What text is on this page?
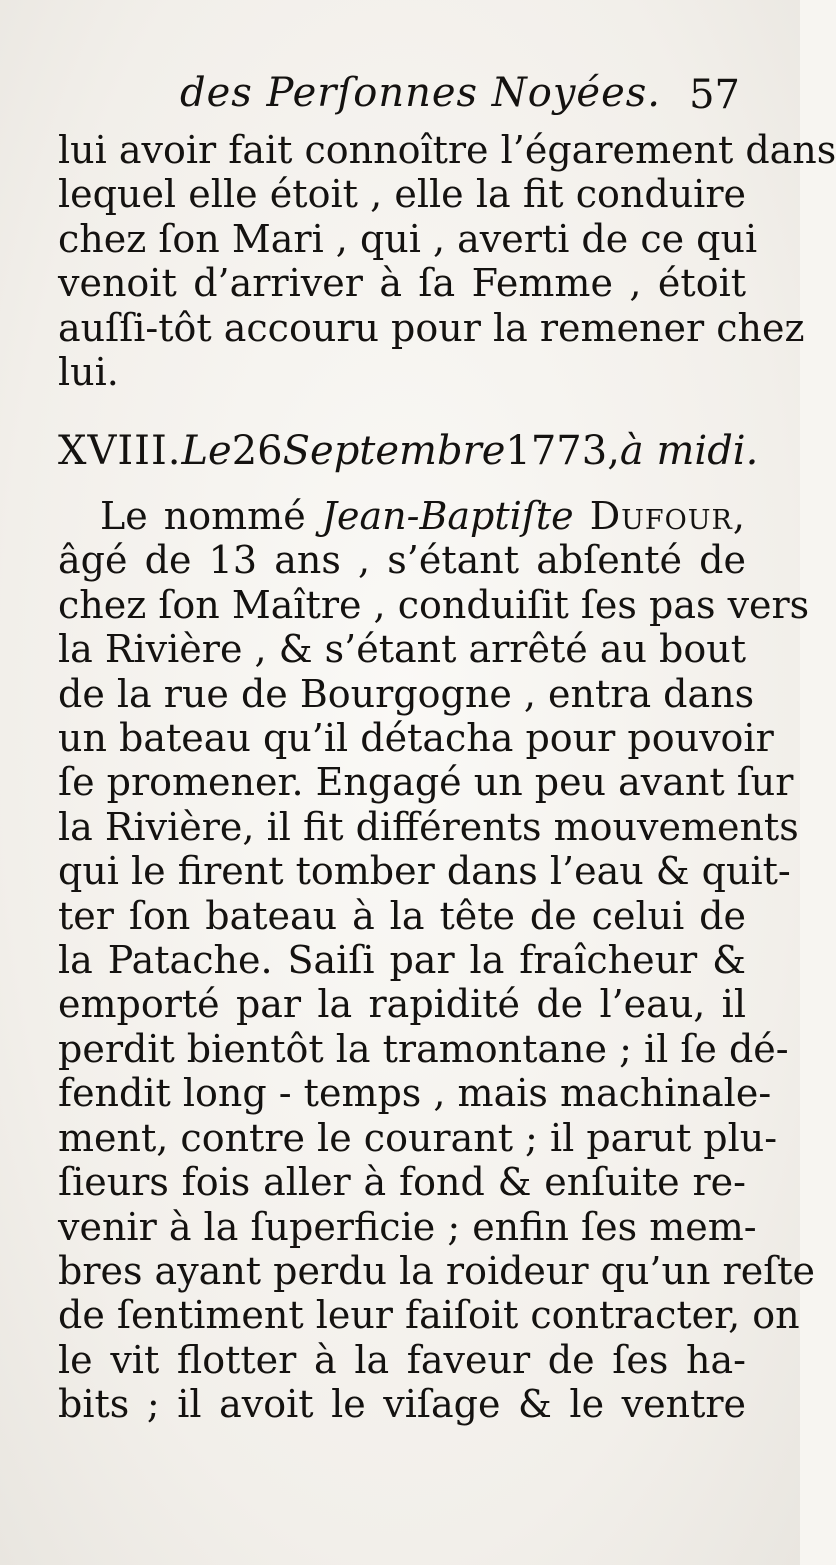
des Perſonnes Noyées. 57
lui avoir fait connoître l’égarement dans
lequel elle étoit , elle la fit conduire
chez ſon Mari , qui , averti de ce qui
venoit d’arriver à ſa Femme , étoit
auſſi-tôt accouru pour la remener chez
lui.
XVIII. Le 26 Septembre 1773, à midi.
Le nommé Jean-Baptiſte Dufour,
âgé de 13 ans , s’étant abſenté de
chez ſon Maître , conduiſit ſes pas vers
la Rivière , & s’étant arrêté au bout
de la rue de Bourgogne , entra dans
un bateau qu’il détacha pour pouvoir
ſe promener. Engagé un peu avant ſur
la Rivière, il fit différents mouvements
qui le firent tomber dans l’eau & quit-
ter ſon bateau à la tête de celui de
la Patache. Saiſi par la fraîcheur &
emporté par la rapidité de l’eau, il
perdit bientôt la tramontane ; il ſe dé-
fendit long - temps , mais machinale-
ment, contre le courant ; il parut plu-
ſieurs fois aller à fond & enſuite re-
venir à la ſuperficie ; enfin ſes mem-
bres ayant perdu la roideur qu’un reſte
de ſentiment leur faiſoit contracter, on
le vit flotter à la faveur de ſes ha-
bits ; il avoit le viſage & le ventre
